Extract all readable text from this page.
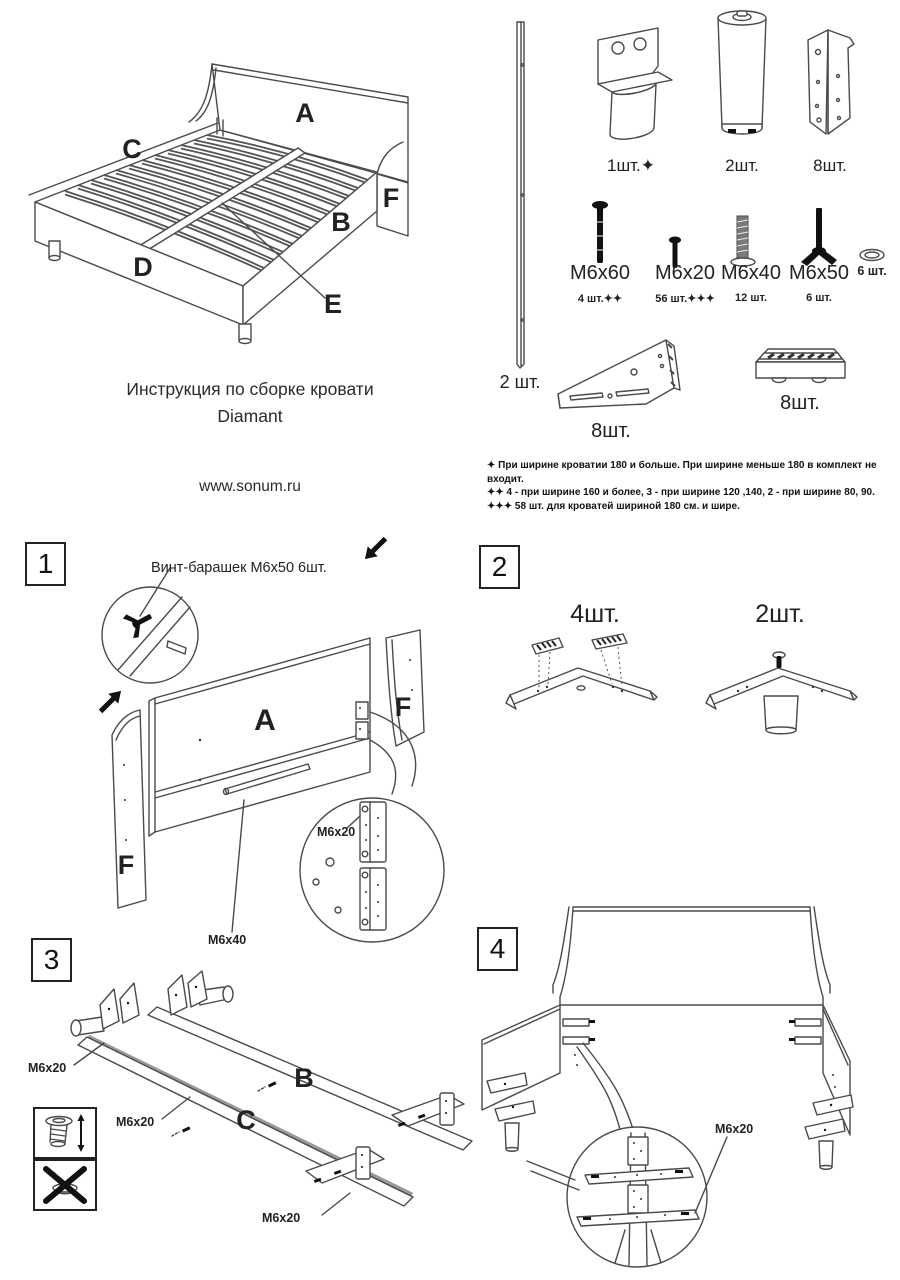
A
C
F
B
D
E
Инструкция по сборке кровати
Diamant
www.sonum.ru
2 шт.
1шт.✦	2шт.	8шт.
M6x60
4 шт.✦✦
M6x20
56 шт.✦✦✦
M6x40
12 шт.
M6x50
6 шт.
6 шт.
8шт.
8шт.
✦ При ширине кроватии 180 и больше. При ширине меньше 180 в комплект не входит.
✦✦ 4 - при ширине 160 и более, 3 - при ширине 120 ,140, 2 - при ширине 80, 90.
✦✦✦ 58 шт. для кроватей шириной 180 см. и шире.
M6x20
M6x40
A	F
F
1	Винт-барашек М6х50 6шт.	2
4шт.	2шт.
3
B
C
M6x20
M6x20
M6x20
4
M6x20
